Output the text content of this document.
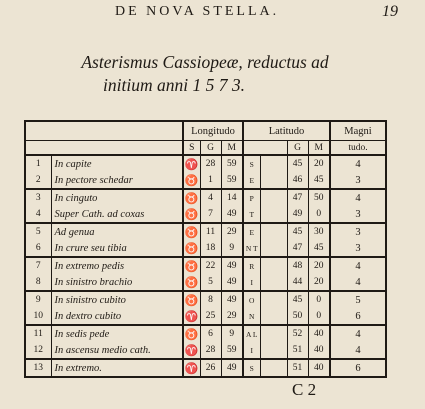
DE NOVA STELLA.	19
Asterismus Cassiopeæ, reductus ad
initium anni 1 5 7 3.
		Longitudo			Latitudo				Magni
		S	G	M			G	M	tudo.
1	In capite	♈	28	59	S		45	20	4
2	In pectore schedar	♉	1	59	E		46	45	3
3	In cinguto	♉	4	14	P		47	50	4
4	Super Cath. ad coxas	♉	7	49	T		49	0	3
5	Ad genua	♉	11	29	E		45	30	3
6	In crure seu tibia	♉	18	9	N T		47	45	3
7	In extremo pedis	♉	22	49	R		48	20	4
8	In sinistro brachio	♉	5	49	I		44	20	4
9	In sinistro cubito	♉	8	49	O		45	0	5
10	In dextro cubito	♈	25	29	N		50	0	6
11	In sedis pede	♉	6	9	A L		52	40	4
12	In ascensu medio cath.	♈	28	59	I		51	40	4
13	In extremo.	♈	26	49	S		51	40	6
C 2
